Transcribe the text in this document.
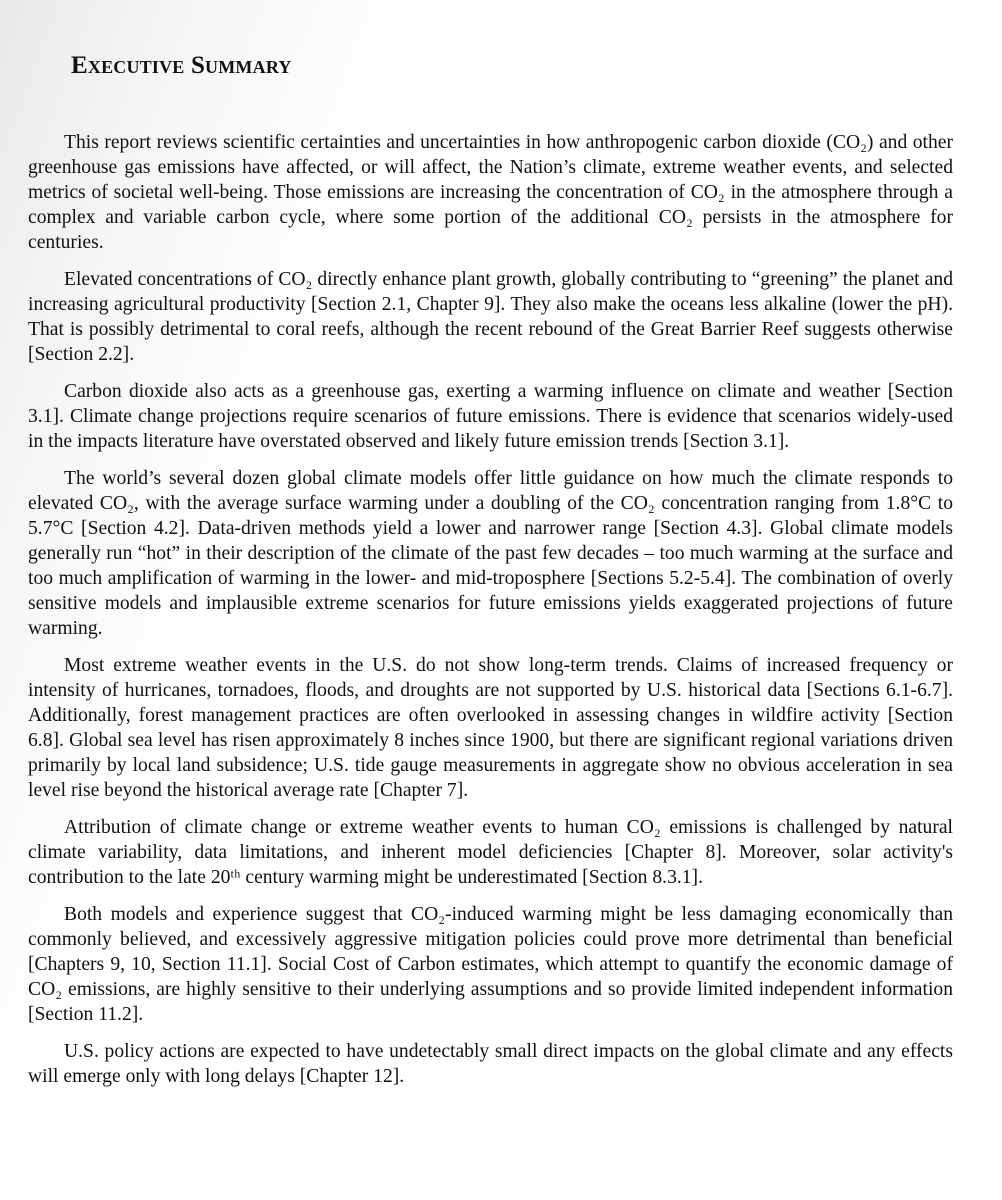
Executive Summary

This report reviews scientific certainties and uncertainties in how anthropogenic carbon dioxide (CO₂) and other greenhouse gas emissions have affected, or will affect, the Nation’s climate, extreme weather events, and selected metrics of societal well-being. Those emissions are increasing the concentration of CO₂ in the atmosphere through a complex and variable carbon cycle, where some portion of the additional CO₂ persists in the atmosphere for centuries.

Elevated concentrations of CO₂ directly enhance plant growth, globally contributing to “greening” the planet and increasing agricultural productivity [Section 2.1, Chapter 9]. They also make the oceans less alkaline (lower the pH). That is possibly detrimental to coral reefs, although the recent rebound of the Great Barrier Reef suggests otherwise [Section 2.2].

Carbon dioxide also acts as a greenhouse gas, exerting a warming influence on climate and weather [Section 3.1]. Climate change projections require scenarios of future emissions. There is evidence that scenarios widely-used in the impacts literature have overstated observed and likely future emission trends [Section 3.1].

The world’s several dozen global climate models offer little guidance on how much the climate responds to elevated CO₂, with the average surface warming under a doubling of the CO₂ concentration ranging from 1.8°C to 5.7°C [Section 4.2]. Data-driven methods yield a lower and narrower range [Section 4.3]. Global climate models generally run “hot” in their description of the climate of the past few decades – too much warming at the surface and too much amplification of warming in the lower- and mid-troposphere [Sections 5.2-5.4]. The combination of overly sensitive models and implausible extreme scenarios for future emissions yields exaggerated projections of future warming.

Most extreme weather events in the U.S. do not show long-term trends. Claims of increased frequency or intensity of hurricanes, tornadoes, floods, and droughts are not supported by U.S. historical data [Sections 6.1-6.7]. Additionally, forest management practices are often overlooked in assessing changes in wildfire activity [Section 6.8]. Global sea level has risen approximately 8 inches since 1900, but there are significant regional variations driven primarily by local land subsidence; U.S. tide gauge measurements in aggregate show no obvious acceleration in sea level rise beyond the historical average rate [Chapter 7].

Attribution of climate change or extreme weather events to human CO₂ emissions is challenged by natural climate variability, data limitations, and inherent model deficiencies [Chapter 8]. Moreover, solar activity's contribution to the late 20ᵗʰ century warming might be underestimated [Section 8.3.1].

Both models and experience suggest that CO₂-induced warming might be less damaging economically than commonly believed, and excessively aggressive mitigation policies could prove more detrimental than beneficial [Chapters 9, 10, Section 11.1]. Social Cost of Carbon estimates, which attempt to quantify the economic damage of CO₂ emissions, are highly sensitive to their underlying assumptions and so provide limited independent information [Section 11.2].

U.S. policy actions are expected to have undetectably small direct impacts on the global climate and any effects will emerge only with long delays [Chapter 12].
